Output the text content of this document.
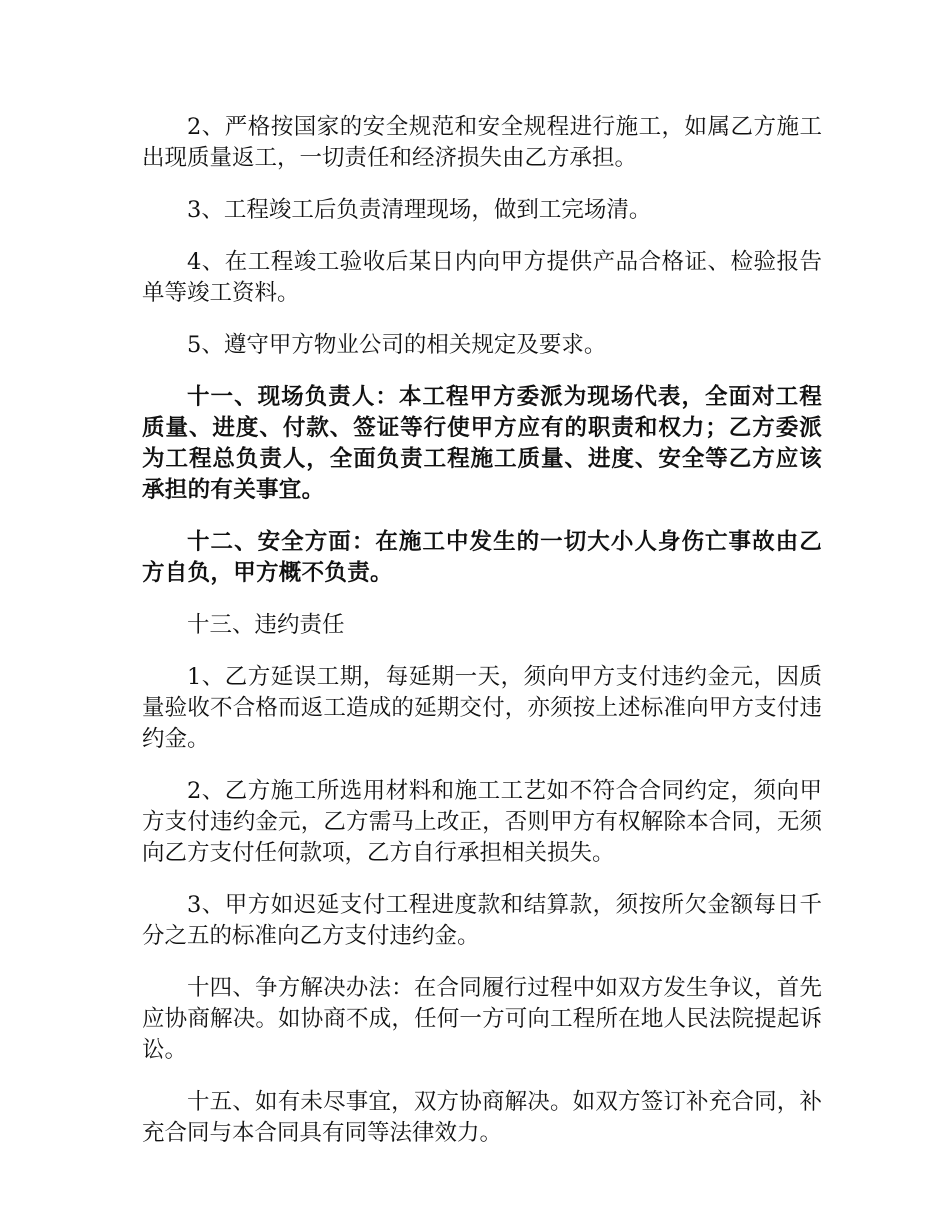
2、严格按国家的安全规范和安全规程进行施工，如属乙方施工出现质量返工，一切责任和经济损失由乙方承担。

3、工程竣工后负责清理现场，做到工完场清。

4、在工程竣工验收后某日内向甲方提供产品合格证、检验报告单等竣工资料。

5、遵守甲方物业公司的相关规定及要求。

十一、现场负责人：本工程甲方委派为现场代表，全面对工程质量、进度、付款、签证等行使甲方应有的职责和权力；乙方委派为工程总负责人，全面负责工程施工质量、进度、安全等乙方应该承担的有关事宜。

十二、安全方面：在施工中发生的一切大小人身伤亡事故由乙方自负，甲方概不负责。

十三、违约责任

1、乙方延误工期，每延期一天，须向甲方支付违约金元，因质量验收不合格而返工造成的延期交付，亦须按上述标准向甲方支付违约金。

2、乙方施工所选用材料和施工工艺如不符合合同约定，须向甲方支付违约金元，乙方需马上改正，否则甲方有权解除本合同，无须向乙方支付任何款项，乙方自行承担相关损失。

3、甲方如迟延支付工程进度款和结算款，须按所欠金额每日千分之五的标准向乙方支付违约金。

十四、争方解决办法：在合同履行过程中如双方发生争议，首先应协商解决。如协商不成，任何一方可向工程所在地人民法院提起诉讼。

十五、如有未尽事宜，双方协商解决。如双方签订补充合同，补充合同与本合同具有同等法律效力。
